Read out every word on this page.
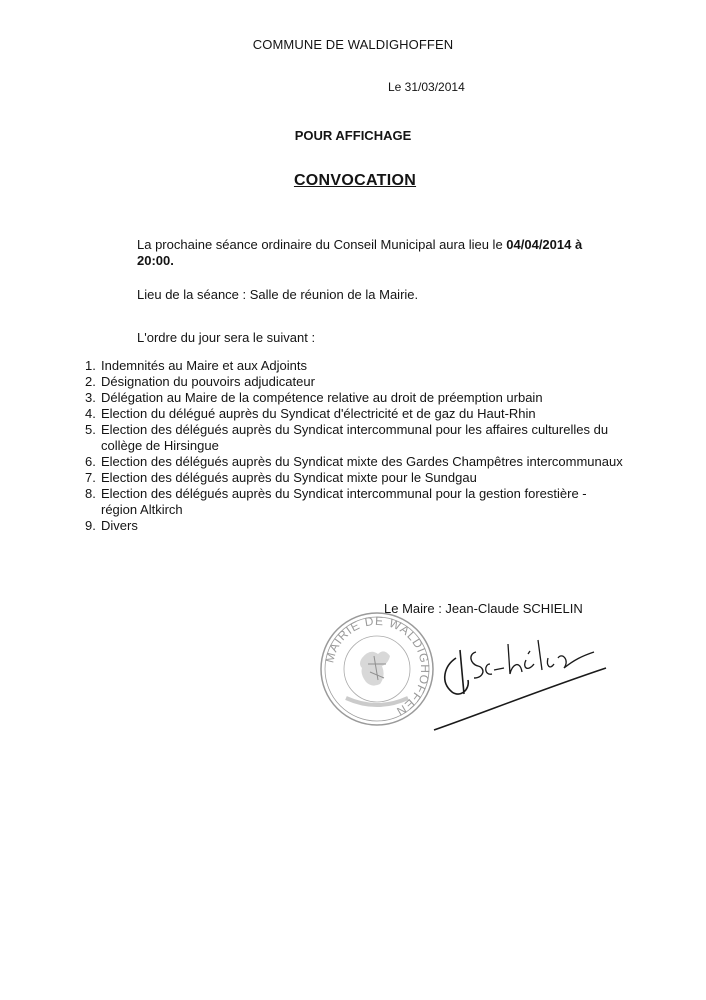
COMMUNE DE WALDIGHOFFEN
Le 31/03/2014
POUR AFFICHAGE
CONVOCATION
La prochaine séance ordinaire du Conseil Municipal aura lieu le 04/04/2014 à 20:00.
Lieu de la séance : Salle de réunion de la Mairie.
L'ordre du jour sera le suivant :
1. Indemnités au Maire et aux Adjoints
2. Désignation du pouvoirs adjudicateur
3. Délégation au Maire de la compétence relative au droit de préemption urbain
4. Election du délégué auprès du Syndicat d'électricité et de gaz du Haut-Rhin
5. Election des délégués auprès du Syndicat intercommunal pour les affaires culturelles du collège de Hirsingue
6. Election des délégués auprès du Syndicat mixte des Gardes Champêtres intercommunaux
7. Election des délégués auprès du Syndicat mixte pour le Sundgau
8. Election des délégués auprès du Syndicat intercommunal pour la gestion forestière - région Altkirch
9. Divers
Le Maire : Jean-Claude SCHIELIN
MAIRIE DE WALDIGHOFFEN
